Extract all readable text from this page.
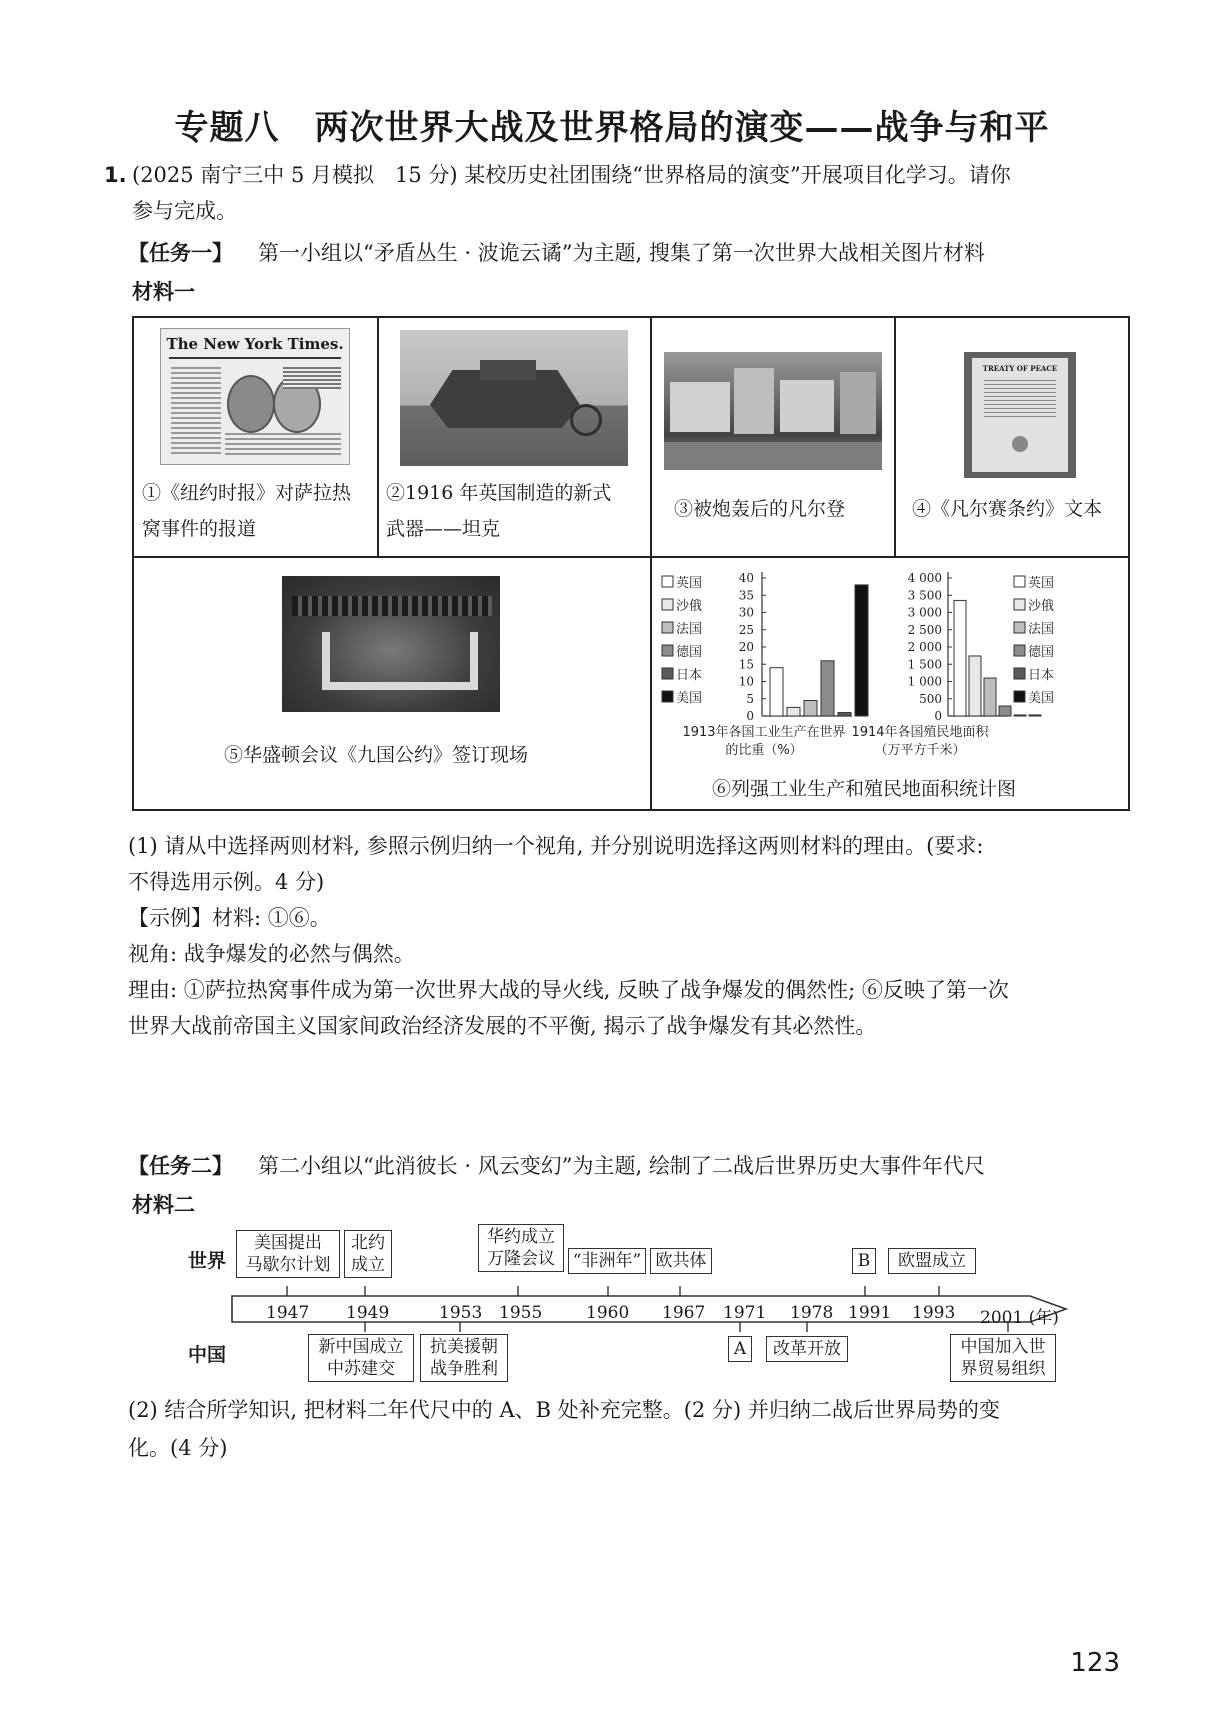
专题八　两次世界大战及世界格局的演变——战争与和平
1. (2025 南宁三中 5 月模拟　15 分) 某校历史社团围绕“世界格局的演变”开展项目化学习。请你
参与完成。
【任务一】 第一小组以“矛盾丛生 · 波诡云谲”为主题, 搜集了第一次世界大战相关图片材料
材料一
The New York Times.
①《纽约时报》对萨拉热
窝事件的报道
②1916 年英国制造的新式
武器——坦克
③被炮轰后的凡尔登
TREATY OF PEACE
④《凡尔赛条约》文本
⑤华盛顿会议《九国公约》签订现场
英国
沙俄
法国
德国
日本
美国
40
35
30
25
20
15
10
5
0
1913年各国工业生产在世界
的比重（%）
英国
沙俄
法国
德国
日本
美国
4 000
3 500
3 000
2 500
2 000
1 500
1 000
500
0
1914年各国殖民地面积
（万平方千米）
⑥列强工业生产和殖民地面积统计图
(1) 请从中选择两则材料, 参照示例归纳一个视角, 并分别说明选择这两则材料的理由。(要求:
不得选用示例。4 分)
【示例】材料: ①⑥。
视角: 战争爆发的必然与偶然。
理由: ①萨拉热窝事件成为第一次世界大战的导火线, 反映了战争爆发的偶然性; ⑥反映了第一次
世界大战前帝国主义国家间政治经济发展的不平衡, 揭示了战争爆发有其必然性。
【任务二】 第二小组以“此消彼长 · 风云变幻”为主题, 绘制了二战后世界历史大事件年代尺
材料二
世界
中国
1947 1949	1953 1955	1960 1967 1971 1978 1991 1993 2001 (年)
美国提出
马歇尔计划
北约
成立
华约成立
万隆会议 “非洲年” 欧共体	B	欧盟成立
新中国成立
中苏建交
抗美援朝
战争胜利
A 改革开放	中国加入世
界贸易组织
(2) 结合所学知识, 把材料二年代尺中的 A、B 处补充完整。(2 分) 并归纳二战后世界局势的变
化。(4 分)
123
